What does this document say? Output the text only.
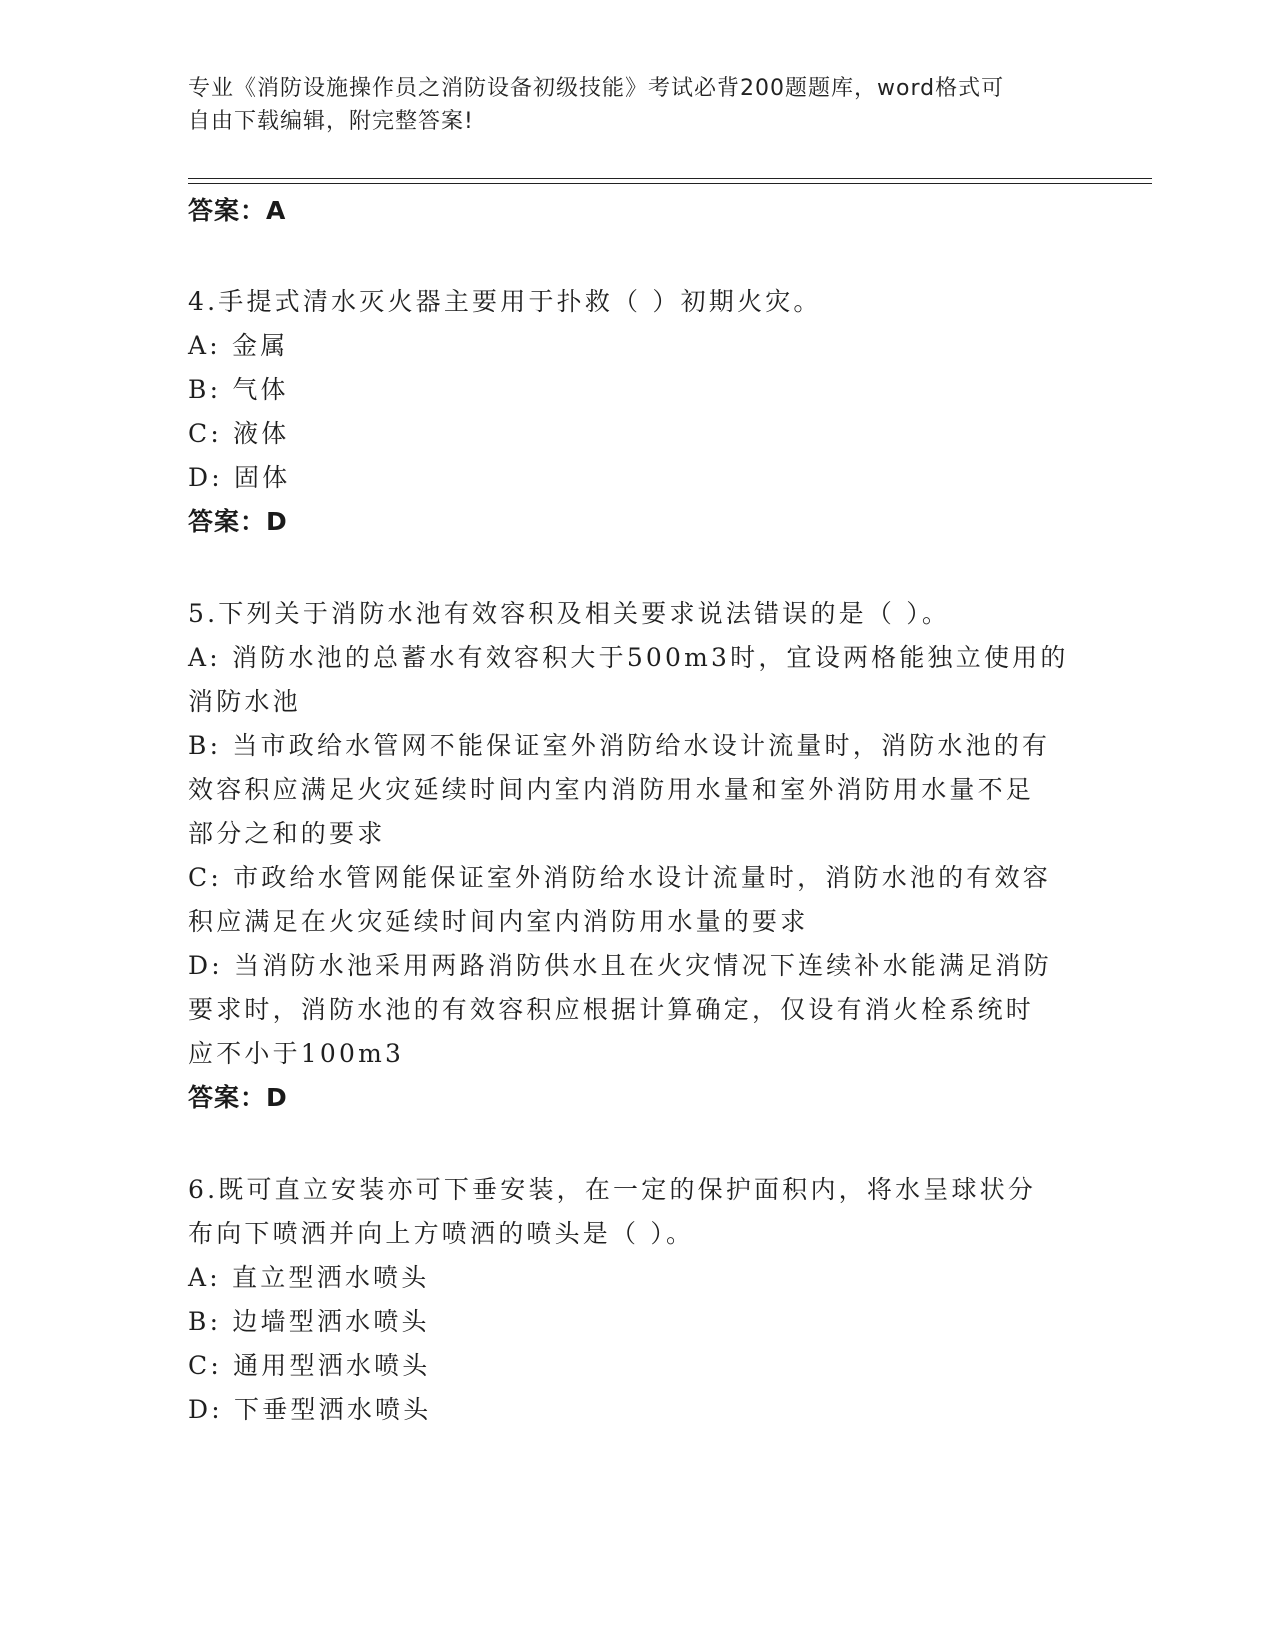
专业《消防设施操作员之消防设备初级技能》考试必背200题题库，word格式可
自由下载编辑，附完整答案!
答案：A
4.手提式清水灭火器主要用于扑救（ ）初期火灾。
A: 金属
B: 气体
C: 液体
D: 固体
答案：D
5.下列关于消防水池有效容积及相关要求说法错误的是（ ）。
A: 消防水池的总蓄水有效容积大于500m3时，宜设两格能独立使用的
消防水池
B: 当市政给水管网不能保证室外消防给水设计流量时，消防水池的有
效容积应满足火灾延续时间内室内消防用水量和室外消防用水量不足
部分之和的要求
C: 市政给水管网能保证室外消防给水设计流量时，消防水池的有效容
积应满足在火灾延续时间内室内消防用水量的要求
D: 当消防水池采用两路消防供水且在火灾情况下连续补水能满足消防
要求时，消防水池的有效容积应根据计算确定，仅设有消火栓系统时
应不小于100m3
答案：D
6.既可直立安装亦可下垂安装，在一定的保护面积内，将水呈球状分
布向下喷洒并向上方喷洒的喷头是（ ）。
A: 直立型洒水喷头
B: 边墙型洒水喷头
C: 通用型洒水喷头
D: 下垂型洒水喷头
